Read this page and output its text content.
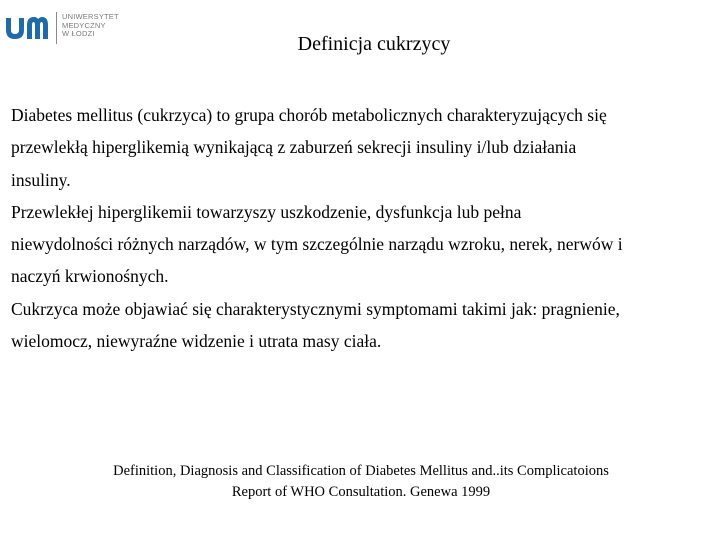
UNIWERSYTET
MEDYCZNY
W ŁODZI	Definicja cukrzycy

Diabetes mellitus (cukrzyca) to grupa chorób metabolicznych charakteryzujących się

przewlekłą hiperglikemią wynikającą z zaburzeń sekrecji insuliny i/lub działania

insuliny.

Przewlekłej hiperglikemii towarzyszy uszkodzenie, dysfunkcja lub pełna

niewydolności różnych narządów, w tym szczególnie narządu wzroku, nerek, nerwów i

naczyń krwionośnych.

Cukrzyca może objawiać się charakterystycznymi symptomami takimi jak: pragnienie,

wielomocz, niewyraźne widzenie i utrata masy ciała.

Definition, Diagnosis and Classification of Diabetes Mellitus and..its Complicatoions
Report of WHO Consultation. Genewa 1999
